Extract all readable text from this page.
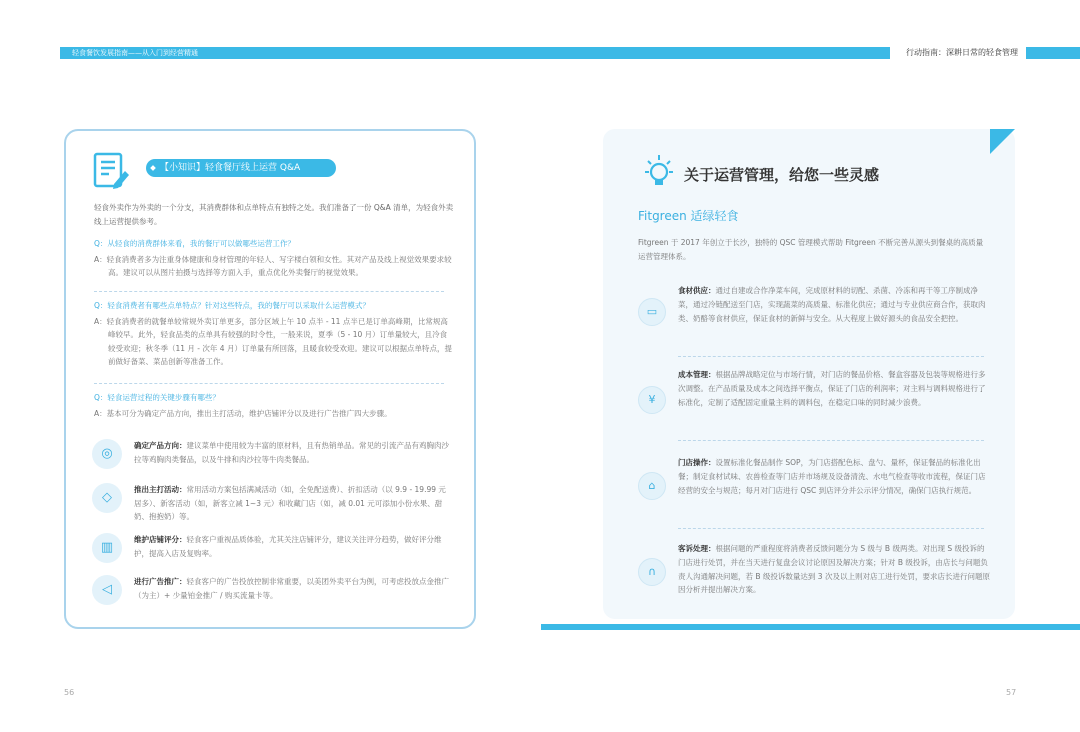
轻食餐饮发展指南——从入门到经营精通	行动指南：深耕日常的轻食管理
【小知识】轻食餐厅线上运营 Q&A
轻食外卖作为外卖的一个分支，其消费群体和点单特点有独特之处。我们准备了一份 Q&A 清单，为轻食外卖线上运营提供参考。
Q：从轻食的消费群体来看，我的餐厅可以做哪些运营工作？
A：轻食消费者多为注重身体健康和身材管理的年轻人、写字楼白领和女性。其对产品及线上视觉效果要求较高。建议可以从图片拍摄与选择等方面入手，重点优化外卖餐厅的视觉效果。
Q：轻食消费者有哪些点单特点？针对这些特点，我的餐厅可以采取什么运营模式？
A：轻食消费者的就餐单较常规外卖订单更多，部分区域上午 10 点半 - 11 点半已是订单高峰期，比常规高峰较早。此外，轻食品类的点单具有较强的时令性，一般来说，夏季（5 - 10 月）订单量较大，且冷食较受欢迎；秋冬季（11 月 - 次年 4 月）订单量有所回落，且暖食较受欢迎。建议可以根据点单特点，提前做好备菜、菜品创新等准备工作。
Q：轻食运营过程的关键步骤有哪些？
A：基本可分为确定产品方向，推出主打活动，维护店铺评分以及进行广告推广四大步骤。
◎
确定产品方向：建议菜单中使用较为丰富的原材料，且有热销单品。常见的引流产品有鸡胸肉沙拉等鸡胸肉类餐品，以及牛排和肉沙拉等牛肉类餐品。
◇
推出主打活动：常用活动方案包括满减活动（如，全免配送费）、折扣活动（以 9.9 - 19.99 元居多）、新客活动（如，新客立减 1~3 元）和收藏门店（如，减 0.01 元可添加小份水果、甜奶、抱抱奶）等。
▥
维护店铺评分：轻食客户重视品质体验，尤其关注店铺评分，建议关注评分趋势，做好评分维护，提高入店及复购率。
◁
进行广告推广：轻食客户的广告投放控制非常重要，以美团外卖平台为例，可考虑投放点金推广（为主）+ 少量铂金推广 / 购买流量卡等。
关于运营管理，给您一些灵感
Fitgreen 适绿轻食
Fitgreen 于 2017 年创立于长沙，独特的 QSC 管理模式帮助 Fitgreen 不断完善从源头到餐桌的高质量运营管理体系。
▭
食材供应：通过自建或合作净菜车间，完成原材料的切配、杀菌、冷冻和再干等工序制成净菜，通过冷链配送至门店，实现蔬菜的高质量、标准化供应；通过与专业供应商合作，获取肉类、奶酪等食材供应，保证食材的新鲜与安全。从大程度上做好源头的食品安全把控。
¥
成本管理：根据品牌战略定位与市场行情，对门店的餐品价格、餐盒容器及包装等规格进行多次调整。在产品质量及成本之间选择平衡点，保证了门店的利润率；对主料与调料规格进行了标准化，定制了适配固定重量主料的调料包，在稳定口味的同时减少浪费。
⌂
门店操作：设置标准化餐品制作 SOP，为门店搭配色标、盘勺、量杯，保证餐品的标准化出餐；制定食材试味、农兽检查等门店并市场规及设备清洗、水电气检查等收市流程，保证门店经营的安全与规范；每月对门店进行 QSC 到店评分并公示评分情况，确保门店执行规范。
∩
客诉处理：根据问题的严重程度将消费者反馈问题分为 S 级与 B 级两类。对出现 S 级投诉的门店进行处罚，并在当天进行复盘会议讨论原因及解决方案；针对 B 级投诉，由店长与问题负责人沟通解决问题，若 B 级投诉数量达到 3 次及以上则对店工进行处罚，要求店长进行问题原因分析并提出解决方案。
56	57
